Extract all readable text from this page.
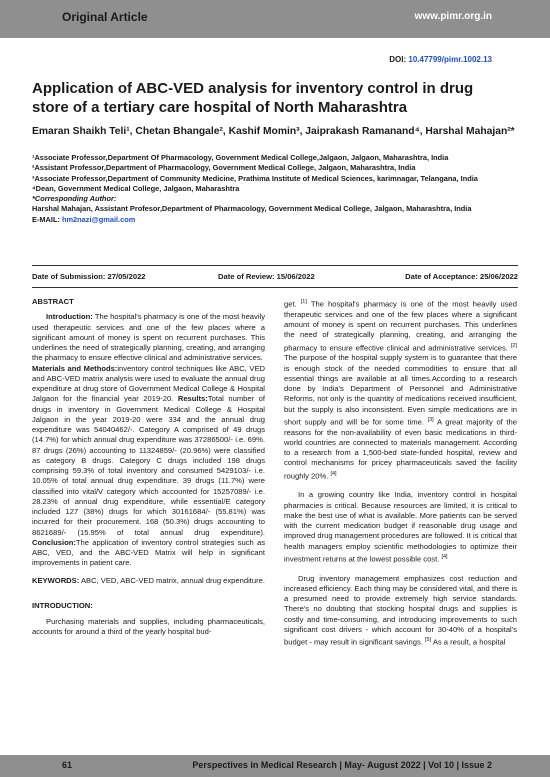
Original Article	www.pimr.org.in
DOI: 10.47799/pimr.1002.13
Application of ABC-VED analysis for inventory control in drug store of a tertiary care hospital of North Maharashtra
Emaran Shaikh Teli¹, Chetan Bhangale², Kashif Momin³, Jaiprakash Ramanand⁴, Harshal Mahajan²*

¹Associate Professor,Department Of Pharmacology, Government Medical College,Jalgaon, Jalgaon, Maharashtra, India

²Assistant Professor,Department of Pharmacology, Government Medical College, Jalgaon, Maharashtra, India

³Associate Professor,Department of Community Medicine, Prathima Institute of Medical Sciences, karimnagar, Telangana, India

⁴Dean, Government Medical College, Jalgaon, Maharashtra

*Corresponding Author:

Harshal Mahajan, Assistant Profesor,Department of Pharmacology, Government Medical College, Jalgaon, Maharashtra, India

E-MAIL: hm2nazi@gmail.com

Date of Submission: 27/05/2022	Date of Review: 15/06/2022	Date of Acceptance: 25/06/2022

ABSTRACT

Introduction: The hospital's pharmacy is one of the most heavily used therapeutic services and one of the few places where a significant amount of money is spent on recurrent purchases. This underlines the need of strategically planning, creating, and arranging the pharmacy to ensure effective clinical and administrative services.

Materials and Methods:inventory control techniques like ABC, VED and ABC-VED matrix analysis were used to evaluate the annual drug expenditure at drug store of Government Medical College & Hospital Jalgaon for the financial year 2019-20. Results:Total number of drugs in inventory in Government Medical College & Hospital Jalgaon in the year 2019-20 were 334 and the annual drug expenditure was 54040462/-. Category A comprised of 49 drugs (14.7%) for which annual drug expenditure was 37286500/- i.e. 69%. 87 drugs (26%) accounting to 11324859/- (20.96%) were classified as category B drugs. Category C drugs included 198 drugs comprising 59.3% of total inventory and consumed 5429103/- i.e. 10.05% of total annual drug expenditure. 39 drugs (11.7%) were classified into vital/V category which accounted for 15257089/- i.e. 28.23% of annual drug expenditure, while essential/E category included 127 (38%) drugs for which 30161684/- (55.81%) was incurred for their procurement. 168 (50.3%) drugs accounting to 8621689/- (15.95% of total annual drug expenditure). Conclusion:The application of inventory control strategies such as ABC, VED, and the ABC-VED Matrix will help in significant improvements in patient care.

KEYWORDS: ABC, VED, ABC-VED matrix, annual drug expenditure.

INTRODUCTION:

Purchasing materials and supplies, including pharmaceuticals, accounts for around a third of the yearly hospital bud-

get. [1] The hospital's pharmacy is one of the most heavily used therapeutic services and one of the few places where a significant amount of money is spent on recurrent purchases. This underlines the need of strategically planning, creating, and arranging the pharmacy to ensure effective clinical and administrative services. [2] The purpose of the hospital supply system is to guarantee that there is enough stock of the needed commodities to ensure that all essential things are available at all times.According to a research done by India's Department of Personnel and Administrative Reforms, not only is the quantity of medications received insufficient, but the supply is also inconsistent. Even simple medications are in short supply and will be for some time. [3] A great majority of the reasons for the non-availability of even basic medications in third-world countries are connected to materials management. According to a research from a 1,500-bed state-funded hospital, review and control mechanisms for pricey pharmaceuticals saved the facility roughly 20%. [4]

In a growing country like India, inventory control in hospital pharmacies is critical. Because resources are limited, it is critical to make the best use of what is available. More patients can be served with the current medication budget if reasonable drug usage and improved drug management procedures are followed. It is critical that health managers employ scientific methodologies to optimize their investment returns at the lowest possible cost. [4]

Drug inventory management emphasizes cost reduction and increased efficiency. Each thing may be considered vital, and there is a presumed need to provide extremely high service standards. There's no doubting that stocking hospital drugs and supplies is costly and time-consuming, and introducing improvements to such significant cost drivers - which account for 30-40% of a hospital's budget - may result in significant savings. [5] As a result, a hospital

61	Perspectives in Medical Research | May- August 2022 | Vol 10 | Issue 2
